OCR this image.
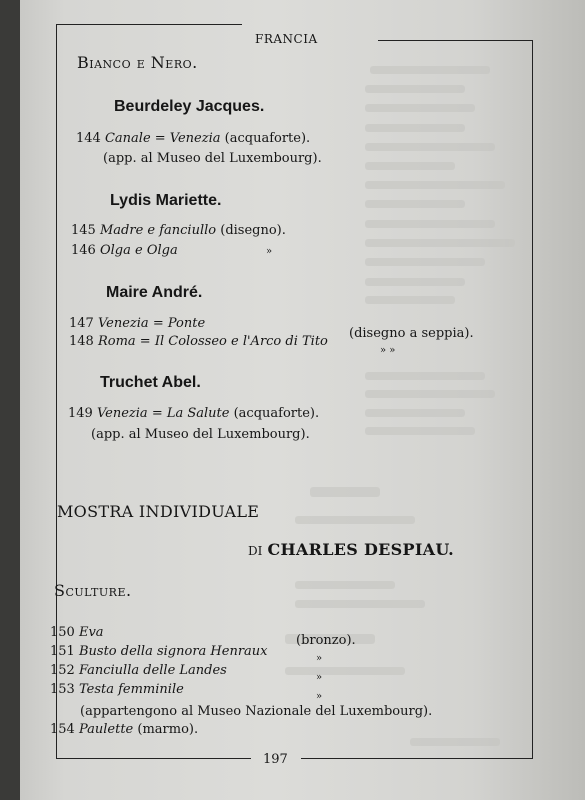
FRANCIA
Bianco e Nero.
Beurdeley Jacques.
144 Canale = Venezia (acquaforte).
(app. al Museo del Luxembourg).
Lydis Mariette.
145 Madre e fanciullo (disegno).
146 Olga e Olga	»
Maire André.
147 Venezia = Ponte
(disegno a seppia).
148 Roma = Il Colosseo e l'Arco di Tito
» »
Truchet Abel.
149 Venezia = La Salute (acquaforte).
(app. al Museo del Luxembourg).
MOSTRA INDIVIDUALE
DI CHARLES DESPIAU.
Sculture.
150 Eva
(bronzo).
151 Busto della signora Henraux	»
152 Fanciulla delle Landes	»
153 Testa femminile	»
(appartengono al Museo Nazionale del Luxembourg).
154 Paulette (marmo).
197
